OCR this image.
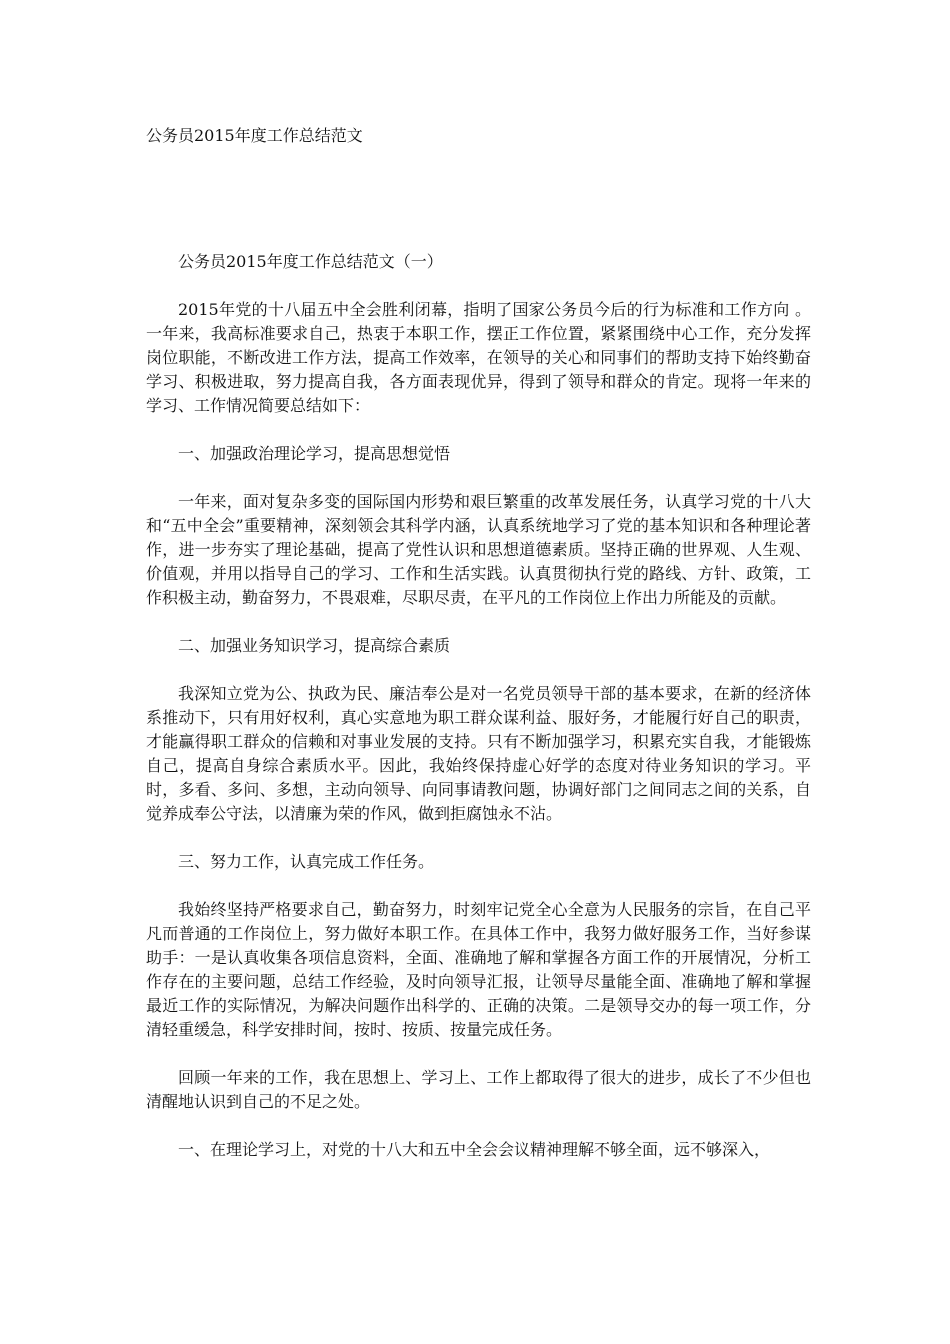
公务员2015年度工作总结范文

公务员2015年度工作总结范文（一）

2015年党的十八届五中全会胜利闭幕，指明了国家公务员今后的行为标准和工作方向 。一年来，我高标准要求自己，热衷于本职工作，摆正工作位置，紧紧围绕中心工作，充分发挥岗位职能，不断改进工作方法，提高工作效率，在领导的关心和同事们的帮助支持下始终勤奋学习、积极进取，努力提高自我，各方面表现优异，得到了领导和群众的肯定。现将一年来的学习、工作情况简要总结如下：

一、加强政治理论学习，提高思想觉悟

一年来，面对复杂多变的国际国内形势和艰巨繁重的改革发展任务，认真学习党的十八大和“五中全会”重要精神，深刻领会其科学内涵，认真系统地学习了党的基本知识和各种理论著作，进一步夯实了理论基础，提高了党性认识和思想道德素质。坚持正确的世界观、人生观、价值观，并用以指导自己的学习、工作和生活实践。认真贯彻执行党的路线、方针、政策，工作积极主动，勤奋努力，不畏艰难，尽职尽责，在平凡的工作岗位上作出力所能及的贡献。

二、加强业务知识学习，提高综合素质

我深知立党为公、执政为民、廉洁奉公是对一名党员领导干部的基本要求，在新的经济体系推动下，只有用好权利，真心实意地为职工群众谋利益、服好务，才能履行好自己的职责，才能赢得职工群众的信赖和对事业发展的支持。只有不断加强学习，积累充实自我，才能锻炼自己，提高自身综合素质水平。因此，我始终保持虚心好学的态度对待业务知识的学习。平时，多看、多问、多想，主动向领导、向同事请教问题，协调好部门之间同志之间的关系，自觉养成奉公守法，以清廉为荣的作风，做到拒腐蚀永不沾。

三、努力工作，认真完成工作任务。

我始终坚持严格要求自己，勤奋努力，时刻牢记党全心全意为人民服务的宗旨，在自己平凡而普通的工作岗位上，努力做好本职工作。在具体工作中，我努力做好服务工作，当好参谋助手：一是认真收集各项信息资料，全面、准确地了解和掌握各方面工作的开展情况，分析工作存在的主要问题，总结工作经验，及时向领导汇报，让领导尽量能全面、准确地了解和掌握最近工作的实际情况，为解决问题作出科学的、正确的决策。二是领导交办的每一项工作，分清轻重缓急，科学安排时间，按时、按质、按量完成任务。

回顾一年来的工作，我在思想上、学习上、工作上都取得了很大的进步，成长了不少但也清醒地认识到自己的不足之处。

一、在理论学习上，对党的十八大和五中全会会议精神理解不够全面，远不够深入，
